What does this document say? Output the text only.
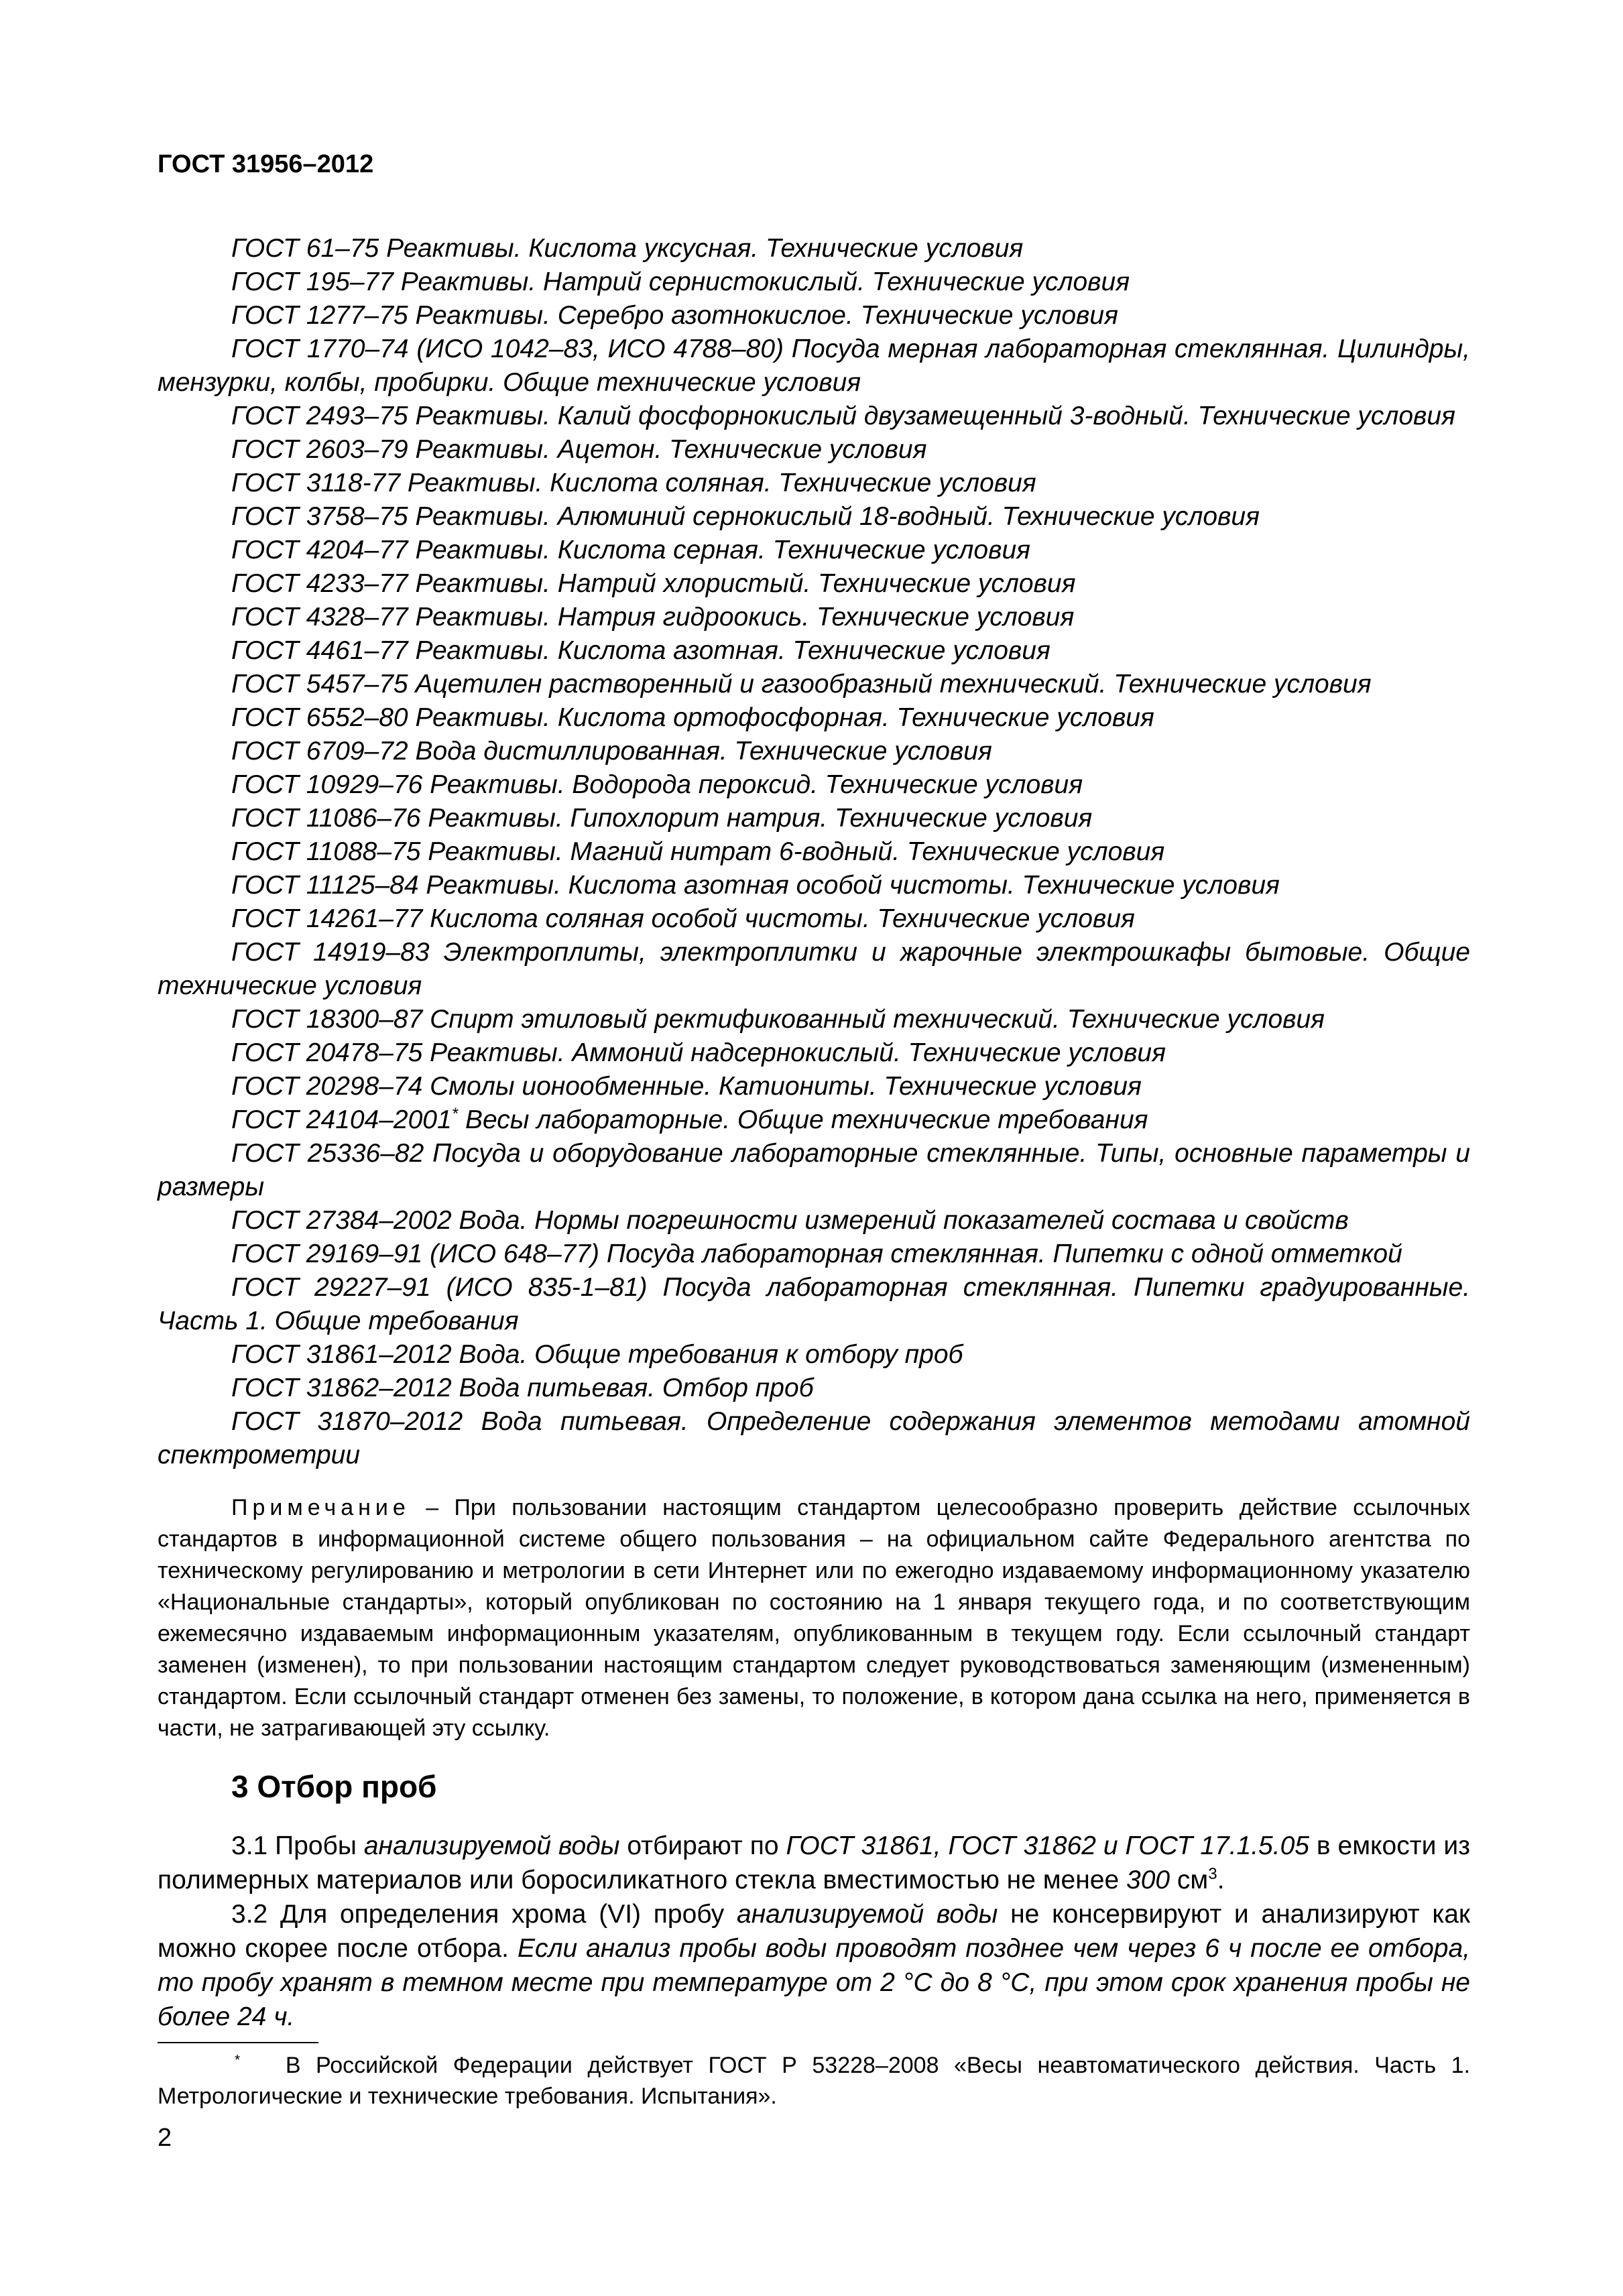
ГОСТ 31956–2012

ГОСТ 61–75 Реактивы. Кислота уксусная. Технические условия

ГОСТ 195–77 Реактивы. Натрий сернистокислый. Технические условия

ГОСТ 1277–75 Реактивы. Серебро азотнокислое. Технические условия

ГОСТ 1770–74 (ИСО 1042–83, ИСО 4788–80) Посуда мерная лабораторная стеклянная. Цилиндры, мензурки, колбы, пробирки. Общие технические условия

ГОСТ 2493–75 Реактивы. Калий фосфорнокислый двузамещенный 3-водный. Технические условия

ГОСТ 2603–79 Реактивы. Ацетон. Технические условия

ГОСТ 3118-77 Реактивы. Кислота соляная. Технические условия

ГОСТ 3758–75 Реактивы. Алюминий сернокислый 18-водный. Технические условия

ГОСТ 4204–77 Реактивы. Кислота серная. Технические условия

ГОСТ 4233–77 Реактивы. Натрий хлористый. Технические условия

ГОСТ 4328–77 Реактивы. Натрия гидроокись. Технические условия

ГОСТ 4461–77 Реактивы. Кислота азотная. Технические условия

ГОСТ 5457–75 Ацетилен растворенный и газообразный технический. Технические условия

ГОСТ 6552–80 Реактивы. Кислота ортофосфорная. Технические условия

ГОСТ 6709–72 Вода дистиллированная. Технические условия

ГОСТ 10929–76 Реактивы. Водорода пероксид. Технические условия

ГОСТ 11086–76 Реактивы. Гипохлорит натрия. Технические условия

ГОСТ 11088–75 Реактивы. Магний нитрат 6-водный. Технические условия

ГОСТ 11125–84 Реактивы. Кислота азотная особой чистоты. Технические условия

ГОСТ 14261–77 Кислота соляная особой чистоты. Технические условия

ГОСТ 14919–83 Электроплиты, электроплитки и жарочные электрошкафы бытовые. Общие технические условия

ГОСТ 18300–87 Спирт этиловый ректификованный технический. Технические условия

ГОСТ 20478–75 Реактивы. Аммоний надсернокислый. Технические условия

ГОСТ 20298–74 Смолы ионообменные. Катиониты. Технические условия

ГОСТ 24104–2001* Весы лабораторные. Общие технические требования

ГОСТ 25336–82 Посуда и оборудование лабораторные стеклянные. Типы, основные параметры и размеры

ГОСТ 27384–2002 Вода. Нормы погрешности измерений показателей состава и свойств

ГОСТ 29169–91 (ИСО 648–77) Посуда лабораторная стеклянная. Пипетки с одной отметкой

ГОСТ 29227–91 (ИСО 835-1–81) Посуда лабораторная стеклянная. Пипетки градуированные. Часть 1. Общие требования

ГОСТ 31861–2012 Вода. Общие требования к отбору проб

ГОСТ 31862–2012 Вода питьевая. Отбор проб

ГОСТ 31870–2012 Вода питьевая. Определение содержания элементов методами атомной спектрометрии

Примечание – При пользовании настоящим стандартом целесообразно проверить действие ссылочных стандартов в информационной системе общего пользования – на официальном сайте Федерального агентства по техническому регулированию и метрологии в сети Интернет или по ежегодно издаваемому информационному указателю «Национальные стандарты», который опубликован по состоянию на 1 января текущего года, и по соответствующим ежемесячно издаваемым информационным указателям, опубликованным в текущем году. Если ссылочный стандарт заменен (изменен), то при пользовании настоящим стандартом следует руководствоваться заменяющим (измененным) стандартом. Если ссылочный стандарт отменен без замены, то положение, в котором дана ссылка на него, применяется в части, не затрагивающей эту ссылку.

3 Отбор проб

3.1 Пробы анализируемой воды отбирают по ГОСТ 31861, ГОСТ 31862 и ГОСТ 17.1.5.05 в емкости из полимерных материалов или боросиликатного стекла вместимостью не менее 300 $см^3$.

3.2 Для определения хрома (VI) пробу анализируемой воды не консервируют и анализируют как можно скорее после отбора. Если анализ пробы воды проводят позднее чем через 6 ч после ее отбора, то пробу хранят в темном месте при температуре от 2 °С до 8 °С, при этом срок хранения пробы не более 24 ч.

* В Российской Федерации действует ГОСТ Р 53228–2008 «Весы неавтоматического действия. Часть 1. Метрологические и технические требования. Испытания».

2
